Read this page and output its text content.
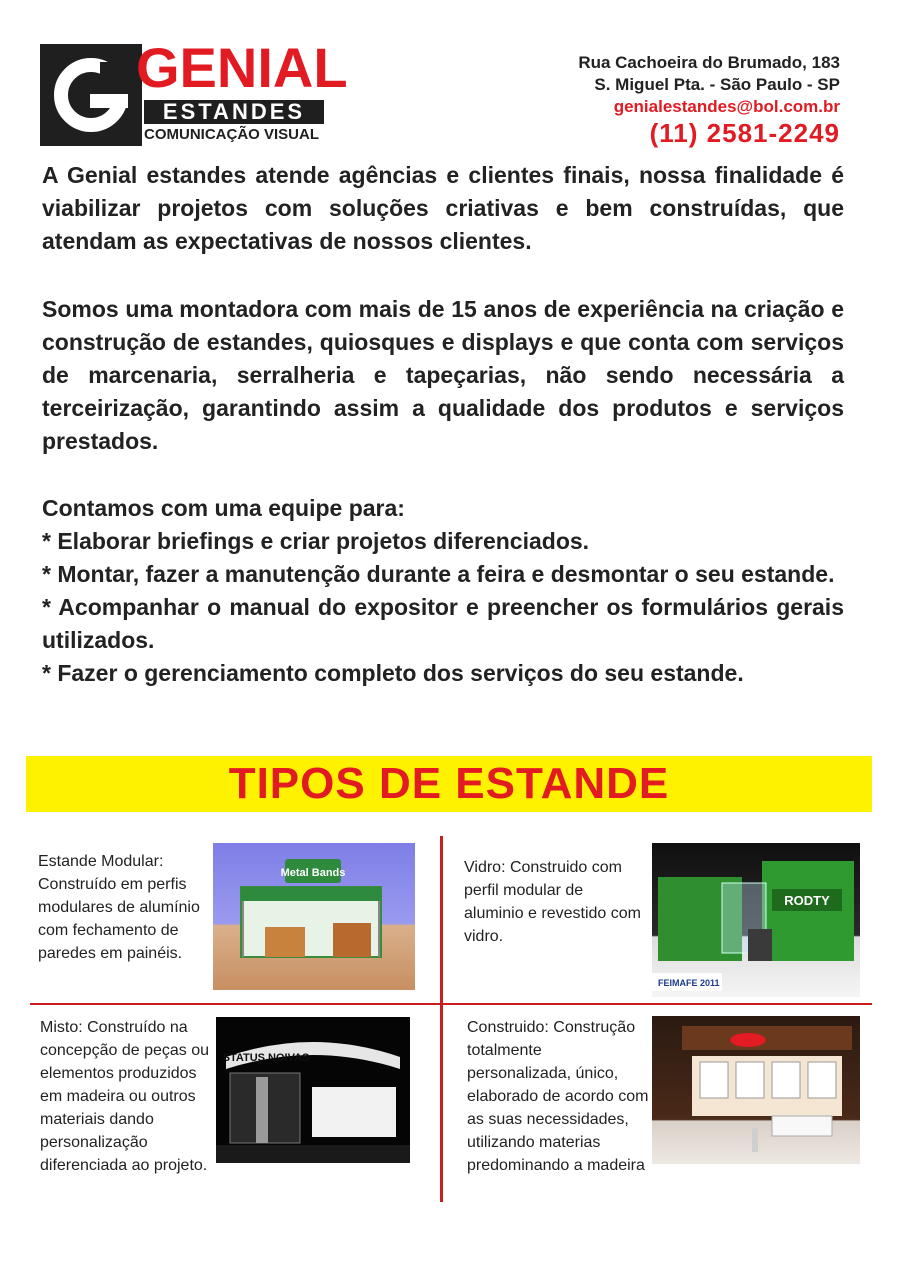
GENIAL
ESTANDES
COMUNICAÇÃO VISUAL
Rua Cachoeira do Brumado, 183
S. Miguel Pta. - São Paulo - SP
genialestandes@bol.com.br
(11) 2581-2249
A Genial estandes atende agências e clientes finais, nossa finalidade é viabilizar projetos com soluções criativas e bem construídas, que atendam as expectativas de nossos clientes.
Somos uma montadora com mais de 15 anos de experiência na criação e construção de estandes, quiosques e displays e que conta com serviços de marcenaria, serralheria e tapeçarias, não sendo necessária a terceirização, garantindo assim a qualidade dos produtos e serviços prestados.
Contamos com uma equipe para:
* Elaborar briefings e criar projetos diferenciados.
* Montar, fazer a manutenção durante a feira e desmontar o seu estande.
* Acompanhar o manual do expositor e preencher os formulários gerais utilizados.
* Fazer o gerenciamento completo dos serviços do seu estande.
TIPOS DE ESTANDE
Estande Modular: Construído em perfis modulares de alumínio com fechamento de paredes em painéis.
Metal Bands	Vidro: Construido com perfil modular de aluminio e revestido com vidro.
RODTY
FEIMAFE 2011
Misto: Construído na concepção de peças ou elementos produzidos em madeira ou outros materiais dando personalização diferenciada ao projeto.
STATUS NOIVAS
Construido: Construção totalmente personalizada, único, elaborado de acordo com as suas necessidades, utilizando materias predominando a madeira
